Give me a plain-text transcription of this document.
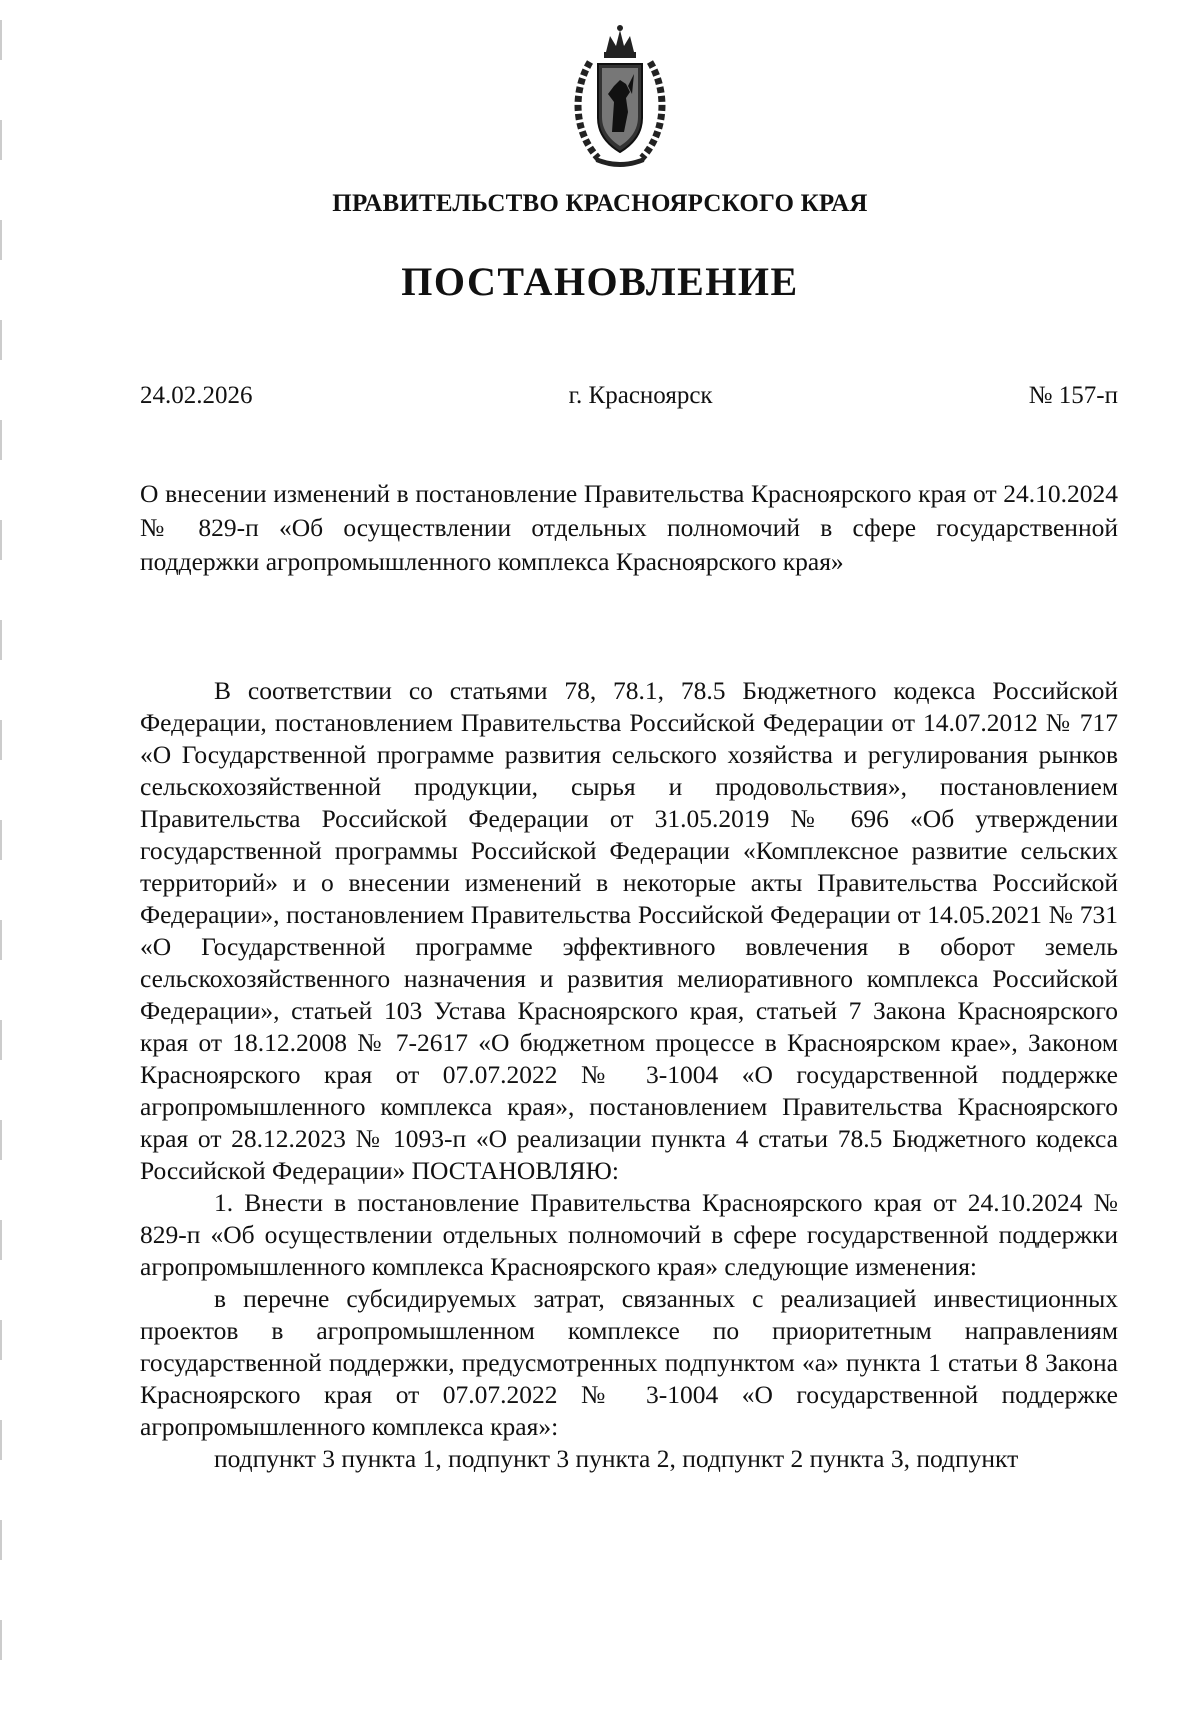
ПРАВИТЕЛЬСТВО КРАСНОЯРСКОГО КРАЯ
ПОСТАНОВЛЕНИЕ
24.02.2026	г. Красноярск	№ 157-п
О внесении изменений в постановление Правительства Красноярского края от 24.10.2024 № 829-п «Об осуществлении отдельных полномочий в сфере государственной поддержки агропромышленного комплекса Красноярского края»

В соответствии со статьями 78, 78.1, 78.5 Бюджетного кодекса Российской Федерации, постановлением Правительства Российской Федерации от 14.07.2012 № 717 «О Государственной программе развития сельского хозяйства и регулирования рынков сельскохозяйственной продукции, сырья и продовольствия», постановлением Правительства Российской Федерации от 31.05.2019 № 696 «Об утверждении государственной программы Российской Федерации «Комплексное развитие сельских территорий» и о внесении изменений в некоторые акты Правительства Российской Федерации», постановлением Правительства Российской Федерации от 14.05.2021 № 731 «О Государственной программе эффективного вовлечения в оборот земель сельскохозяйственного назначения и развития мелиоративного комплекса Российской Федерации», статьей 103 Устава Красноярского края, статьей 7 Закона Красноярского края от 18.12.2008 № 7-2617 «О бюджетном процессе в Красноярском крае», Законом Красноярского края от 07.07.2022 № 3-1004 «О государственной поддержке агропромышленного комплекса края», постановлением Правительства Красноярского края от 28.12.2023 № 1093-п «О реализации пункта 4 статьи 78.5 Бюджетного кодекса Российской Федерации» ПОСТАНОВЛЯЮ:

1. Внести в постановление Правительства Красноярского края от 24.10.2024 № 829-п «Об осуществлении отдельных полномочий в сфере государственной поддержки агропромышленного комплекса Красноярского края» следующие изменения:

в перечне субсидируемых затрат, связанных с реализацией инвестиционных проектов в агропромышленном комплексе по приоритетным направлениям государственной поддержки, предусмотренных подпунктом «а» пункта 1 статьи 8 Закона Красноярского края от 07.07.2022 № 3-1004 «О государственной поддержке агропромышленного комплекса края»:

подпункт 3 пункта 1, подпункт 3 пункта 2, подпункт 2 пункта 3, подпункт
